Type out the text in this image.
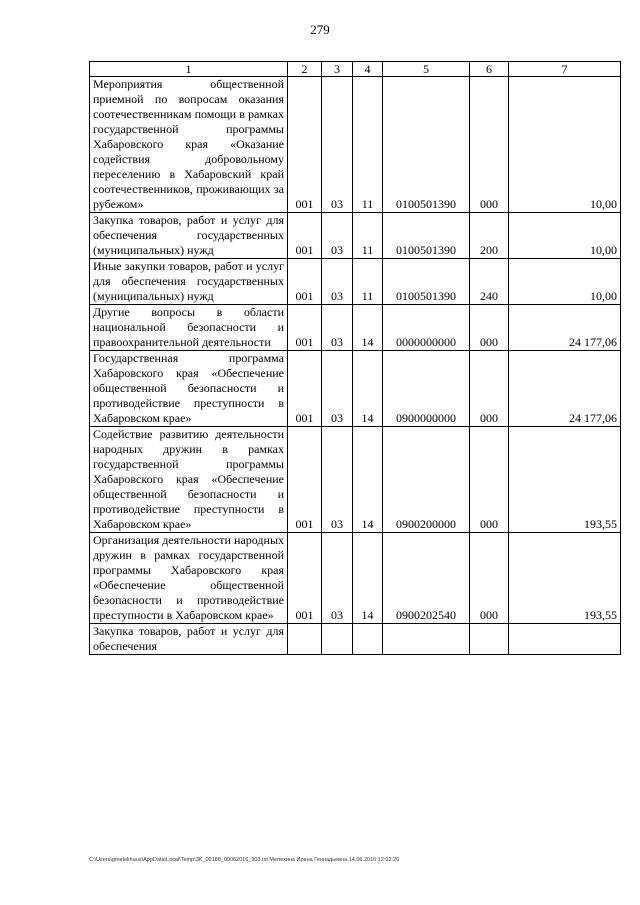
279
1	2	3	4	5	6	7
Мероприятия общественной приемной по вопросам оказания соотечественникам помощи в рамках государственной программы Хабаровского края «Оказание содействия добровольному переселению в Хабаровский край соотечественников, проживающих за рубежом»	001	03	11	0100501390	000	10,00
Закупка товаров, работ и услуг для обеспечения государственных (муниципальных) нужд	001	03	11	0100501390	200	10,00
Иные закупки товаров, работ и услуг для обеспечения государственных (муниципальных) нужд	001	03	11	0100501390	240	10,00
Другие вопросы в области национальной безопасности и правоохранительной деятельности	001	03	14	0000000000	000	24 177,06
Государственная программа Хабаровского края «Обеспечение общественной безопасности и противодействие преступности в Хабаровском крае»	001	03	14	0900000000	000	24 177,06
Содействие развитию деятельности народных дружин в рамках государственной программы Хабаровского края «Обеспечение общественной безопасности и противодействие преступности в Хабаровском крае»	001	03	14	0900200000	000	193,55
Организация деятельности народных дружин в рамках государственной программы Хабаровского края «Обеспечение общественной безопасности и противодействие преступности в Хабаровском крае»	001	03	14	0900202540	000	193,55
Закупка товаров, работ и услуг для обеспечения						
C:\Users\gmelekhaus\AppData\Local\Temp\3K_00188_09062016_903.txt Мелехина Ирина Геннадьевна 14.06.2016 12:02:20
